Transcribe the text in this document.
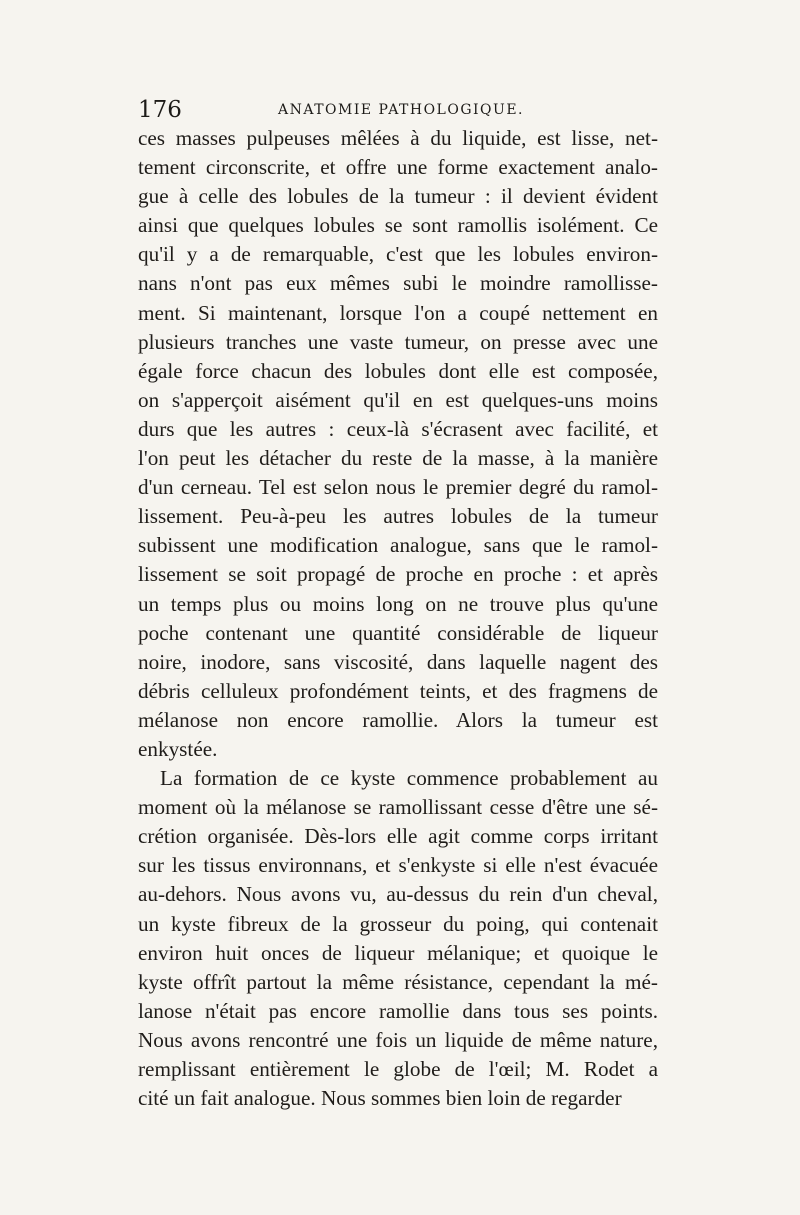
176	ANATOMIE PATHOLOGIQUE.
ces masses pulpeuses mêlées à du liquide, est lisse, net-
tement circonscrite, et offre une forme exactement analo-
gue à celle des lobules de la tumeur : il devient évident
ainsi que quelques lobules se sont ramollis isolément. Ce
qu'il y a de remarquable, c'est que les lobules environ-
nans n'ont pas eux mêmes subi le moindre ramollisse-
ment. Si maintenant, lorsque l'on a coupé nettement en
plusieurs tranches une vaste tumeur, on presse avec une
égale force chacun des lobules dont elle est composée,
on s'apperçoit aisément qu'il en est quelques-uns moins
durs que les autres : ceux-là s'écrasent avec facilité, et
l'on peut les détacher du reste de la masse, à la manière
d'un cerneau. Tel est selon nous le premier degré du ramol-
lissement. Peu-à-peu les autres lobules de la tumeur
subissent une modification analogue, sans que le ramol-
lissement se soit propagé de proche en proche : et après
un temps plus ou moins long on ne trouve plus qu'une
poche contenant une quantité considérable de liqueur
noire, inodore, sans viscosité, dans laquelle nagent des
débris celluleux profondément teints, et des fragmens de
mélanose non encore ramollie. Alors la tumeur est
enkystée.
La formation de ce kyste commence probablement au
moment où la mélanose se ramollissant cesse d'être une sé-
crétion organisée. Dès-lors elle agit comme corps irritant
sur les tissus environnans, et s'enkyste si elle n'est évacuée
au-dehors. Nous avons vu, au-dessus du rein d'un cheval,
un kyste fibreux de la grosseur du poing, qui contenait
environ huit onces de liqueur mélanique; et quoique le
kyste offrît partout la même résistance, cependant la mé-
lanose n'était pas encore ramollie dans tous ses points.
Nous avons rencontré une fois un liquide de même nature,
remplissant entièrement le globe de l'œil; M. Rodet a
cité un fait analogue. Nous sommes bien loin de regarder
